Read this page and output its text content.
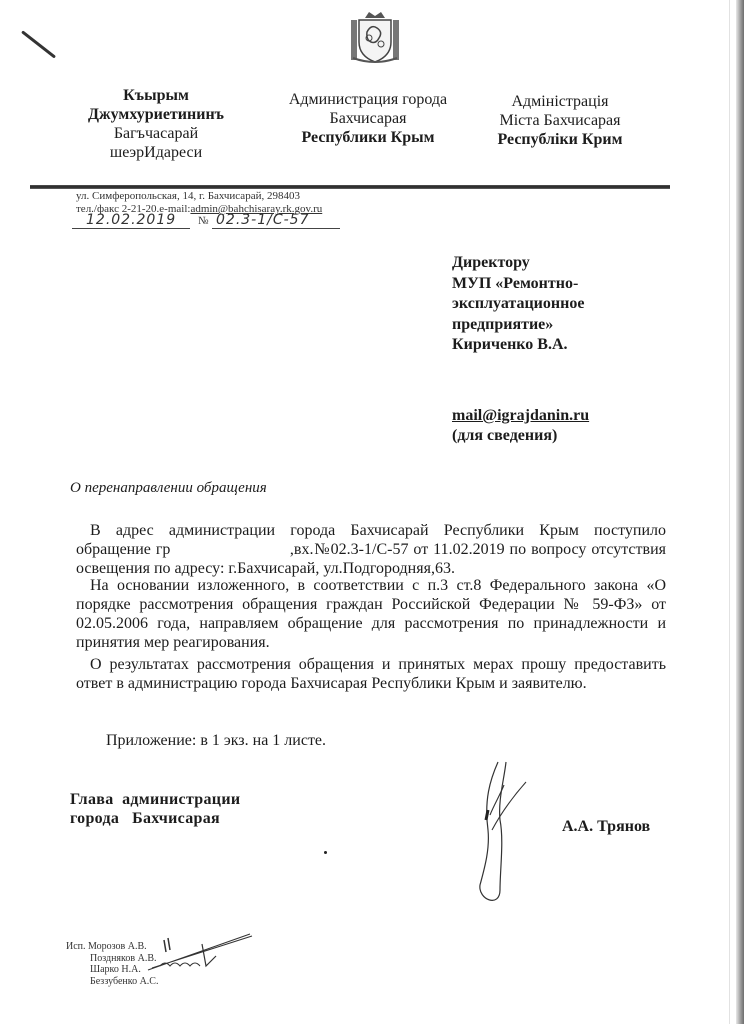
Къырым
Джумхуриетининъ
Багъчасарай
шеэрИдареси
Администрация города
Бахчисарая
Республики Крым
Адміністрація
Міста Бахчисарая
Республіки Крим
ул. Симферопольская, 14, г. Бахчисарай, 298403
тел./факс 2-21-20.e-mail:admin@bahchisaray.rk.gov.ru
12.02.2019 № 02.3-1/C-57
Директору
МУП «Ремонтно-
эксплуатационное
предприятие»
Кириченко В.А.
mail@igrajdanin.ru
(для сведения)
О перенаправлении обращения
В адрес администрации города Бахчисарай Республики Крым поступило обращение гр                        ,вх.№02.3-1/С-57 от 11.02.2019 по вопросу отсутствия освещения по адресу: г.Бахчисарай, ул.Подгородняя,63.
На основании изложенного, в соответствии с п.3 ст.8 Федерального закона «О порядке рассмотрения обращения граждан Российской Федерации № 59-ФЗ» от 02.05.2006 года, направляем обращение для рассмотрения по принадлежности и принятия мер реагирования.
О результатах рассмотрения обращения и принятых мерах прошу предоставить ответ в администрацию города Бахчисарая Республики Крым и заявителю.
Приложение: в 1 экз. на 1 листе.
Глава  администрации
города   Бахчисарая	А.А. Трянов
Исп. Морозов А.В.
Поздняков А.В.
Шарко Н.А.
Беззубенко А.С.
